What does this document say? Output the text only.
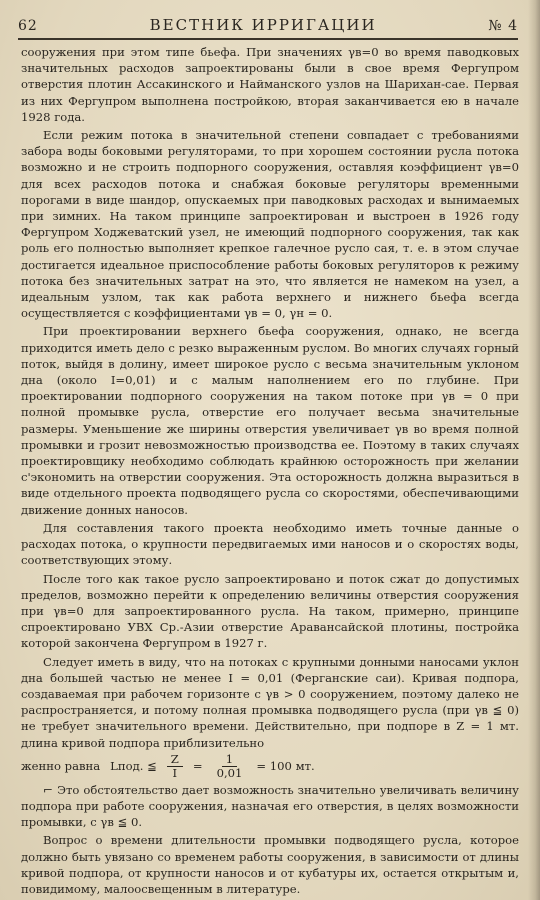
62	ВЕСТНИК ИРРИГАЦИИ	№ 4

сооружения при этом типе бьефа. При значениях γв=0 во время паводковых значительных расходов запроектированы были в свое время Фергупром отверстия плотин Ассакинского и Найманского узлов на Шарихан-сае. Первая из них Фергупром выполнена постройкою, вторая заканчивается ею в начале 1928 года.

Если режим потока в значительной степени совпадает с требованиями забора воды боковыми регуляторами, то при хорошем состоянии русла потока возможно и не строить подпорного сооружения, оставляя коэффициент γв=0 для всех расходов потока и снабжая боковые регуляторы временными порогами в виде шандор, опускаемых при паводковых расходах и вынимаемых при зимних. На таком принципе запроектирован и выстроен в 1926 году Фергупром Ходжеватский узел, не имеющий подпорного сооружения, так как роль его полностью выполняет крепкое галечное русло сая, т. е. в этом случае достигается идеальное приспособление работы боковых регуляторов к режиму потока без значительных затрат на это, что является не намеком на узел, а идеальным узлом, так как работа верхнего и нижнего бьефа всегда осуществляется с коэффициентами γв = 0, γн = 0.

При проектировании верхнего бьефа сооружения, однако, не всегда приходится иметь дело с резко выраженным руслом. Во многих случаях горный поток, выйдя в долину, имеет широкое русло с весьма значительным уклоном дна (около I=0,01) и с малым наполнением его по глубине. При проектировании подпорного сооружения на таком потоке при γв = 0 при полной промывке русла, отверстие его получает весьма значительные размеры. Уменьшение же ширины отверстия увеличивает γв во время полной промывки и грозит невозможностью производства ее. Поэтому в таких случаях проектировщику необходимо соблюдать крайнюю осторожность при желании с'экономить на отверстии сооружения. Эта осторожность должна выразиться в виде отдельного проекта подводящего русла со скоростями, обеспечивающими движение донных наносов.

Для составления такого проекта необходимо иметь точные данные о расходах потока, о крупности передвигаемых ими наносов и о скоростях воды, соответствующих этому.

После того как такое русло запроектировано и поток сжат до допустимых пределов, возможно перейти к определению величины отверстия сооружения при γв=0 для запроектированного русла. На таком, примерно, принципе спроектировано УВХ Ср.-Азии отверстие Араванcайской плотины, постройка которой закончена Фергупром в 1927 г.

Следует иметь в виду, что на потоках с крупными донными наносами уклон дна большей частью не менее I = 0,01 (Ферганские саи). Кривая подпора, создаваемая при рабочем горизонте с γв > 0 сооружением, поэтому далеко не распространяется, и потому полная промывка подводящего русла (при γв ≦ 0) не требует значительного времени. Действительно, при подпоре в Z = 1 мт. длина кривой подпора приблизительно

женно равна Lпод. ≦ $\frac{Z}{I} = \frac{1}{0,01} = 100$ мт.

⌐ Это обстоятельство дает возможность значительно увеличивать величину подпора при работе сооружения, назначая его отверстия, в целях возможности промывки, с γв ≦ 0.

Вопрос о времени длительности промывки подводящего русла, которое должно быть увязано со временем работы сооружения, в зависимости от длины кривой подпора, от крупности наносов и от кубатуры их, остается открытым и, повидимому, малоосвещенным в литературе.
